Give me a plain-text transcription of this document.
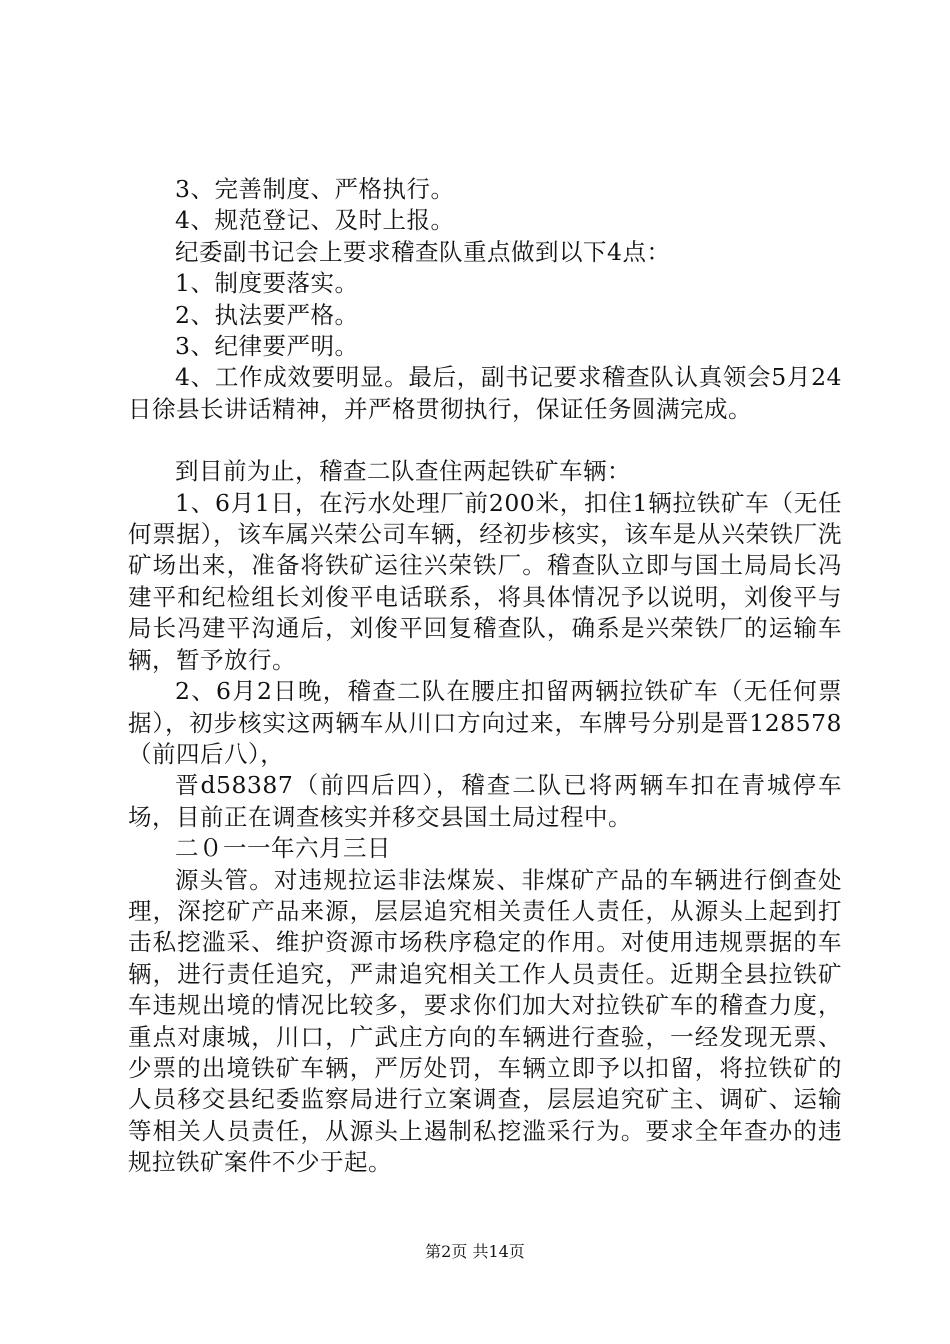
3、完善制度、严格执行。

4、规范登记、及时上报。

纪委副书记会上要求稽查队重点做到以下4点：

1、制度要落实。

2、执法要严格。

3、纪律要严明。

4、工作成效要明显。最后，副书记要求稽查队认真领会5月24日徐县长讲话精神，并严格贯彻执行，保证任务圆满完成。

到目前为止，稽查二队查住两起铁矿车辆：

1、6月1日，在污水处理厂前200米，扣住1辆拉铁矿车（无任何票据），该车属兴荣公司车辆，经初步核实，该车是从兴荣铁厂洗矿场出来，准备将铁矿运往兴荣铁厂。稽查队立即与国土局局长冯建平和纪检组长刘俊平电话联系，将具体情况予以说明，刘俊平与局长冯建平沟通后，刘俊平回复稽查队，确系是兴荣铁厂的运输车辆，暂予放行。

2、6月2日晚，稽查二队在腰庄扣留两辆拉铁矿车（无任何票据），初步核实这两辆车从川口方向过来，车牌号分别是晋128578（前四后八），

晋d58387（前四后四），稽查二队已将两辆车扣在青城停车场，目前正在调查核实并移交县国土局过程中。

二０一一年六月三日

源头管。对违规拉运非法煤炭、非煤矿产品的车辆进行倒查处理，深挖矿产品来源，层层追究相关责任人责任，从源头上起到打击私挖滥采、维护资源市场秩序稳定的作用。对使用违规票据的车辆，进行责任追究，严肃追究相关工作人员责任。近期全县拉铁矿车违规出境的情况比较多，要求你们加大对拉铁矿车的稽查力度，重点对康城，川口，广武庄方向的车辆进行查验，一经发现无票、少票的出境铁矿车辆，严厉处罚，车辆立即予以扣留，将拉铁矿的人员移交县纪委监察局进行立案调查，层层追究矿主、调矿、运输等相关人员责任，从源头上遏制私挖滥采行为。要求全年查办的违规拉铁矿案件不少于起。

第2页 共14页
